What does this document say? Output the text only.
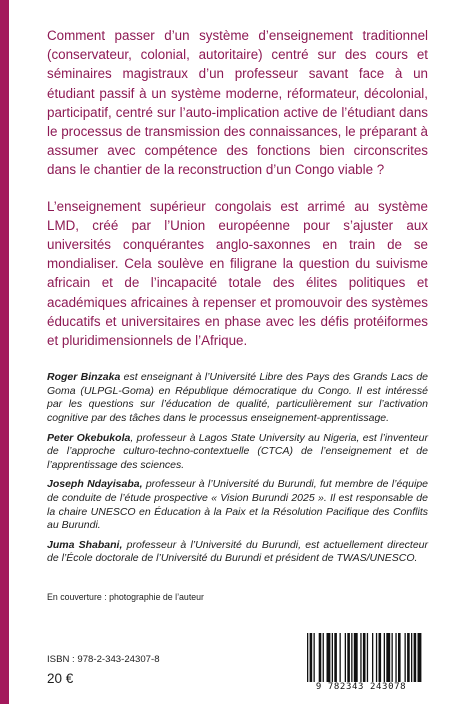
Comment passer d’un système d’enseignement traditionnel (conservateur, colonial, autoritaire) centré sur des cours et séminaires magistraux d’un professeur savant face à un étudiant passif à un système moderne, réformateur, décolonial, participatif, centré sur l’auto-implication active de l’étudiant dans le processus de transmission des connaissances, le préparant à assumer avec compétence des fonctions bien circonscrites dans le chantier de la reconstruction d’un Congo viable ?

L’enseignement supérieur congolais est arrimé au système LMD, créé par l’Union européenne pour s’ajuster aux universités conquérantes anglo-saxonnes en train de se mondialiser. Cela soulève en filigrane la question du suivisme africain et de l’incapacité totale des élites politiques et académiques africaines à repenser et promouvoir des systèmes éducatifs et universitaires en phase avec les défis protéiformes et pluridimensionnels de l’Afrique.

Roger Binzaka est enseignant à l’Université Libre des Pays des Grands Lacs de Goma (ULPGL-Goma) en République démocratique du Congo. Il est intéressé par les questions sur l’éducation de qualité, particulièrement sur l’activation cognitive par des tâches dans le processus enseignement-apprentissage.

Peter Okebukola, professeur à Lagos State University au Nigeria, est l’inventeur de l’approche culturo-techno-contextuelle (CTCA) de l’enseignement et de l’apprentissage des sciences.

Joseph Ndayisaba, professeur à l’Université du Burundi, fut membre de l’équipe de conduite de l’étude prospective « Vision Burundi 2025 ». Il est responsable de la chaire UNESCO en Éducation à la Paix et la Résolution Pacifique des Conflits au Burundi.

Juma Shabani, professeur à l’Université du Burundi, est actuellement directeur de l’École doctorale de l’Université du Burundi et président de TWAS/UNESCO.

En couverture : photographie de l’auteur
ISBN : 978-2-343-24307-8
20 €
9 782343 243078
